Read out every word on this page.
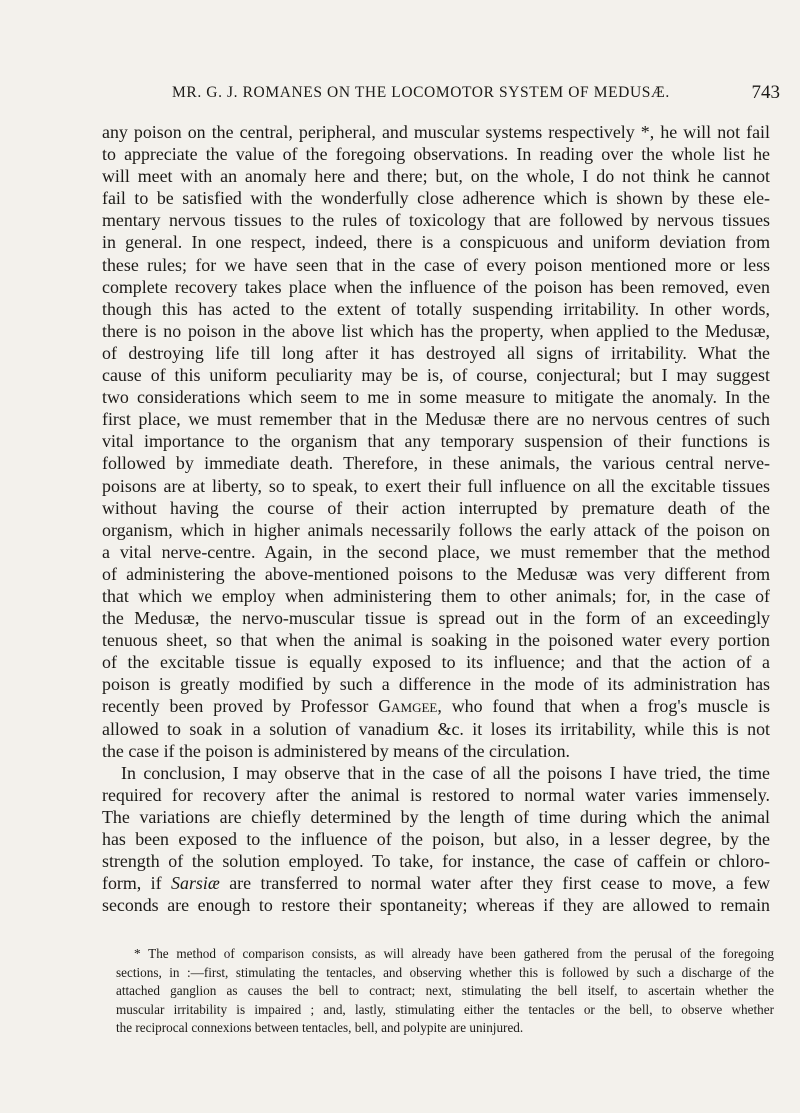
MR. G. J. ROMANES ON THE LOCOMOTOR SYSTEM OF MEDUSÆ.	743
any poison on the central, peripheral, and muscular systems respectively *, he will not fail
to appreciate the value of the foregoing observations. In reading over the whole list he
will meet with an anomaly here and there; but, on the whole, I do not think he cannot
fail to be satisfied with the wonderfully close adherence which is shown by these ele-
mentary nervous tissues to the rules of toxicology that are followed by nervous tissues
in general. In one respect, indeed, there is a conspicuous and uniform deviation from
these rules; for we have seen that in the case of every poison mentioned more or less
complete recovery takes place when the influence of the poison has been removed, even
though this has acted to the extent of totally suspending irritability. In other words,
there is no poison in the above list which has the property, when applied to the Medusæ,
of destroying life till long after it has destroyed all signs of irritability. What the
cause of this uniform peculiarity may be is, of course, conjectural; but I may suggest
two considerations which seem to me in some measure to mitigate the anomaly. In the
first place, we must remember that in the Medusæ there are no nervous centres of such
vital importance to the organism that any temporary suspension of their functions is
followed by immediate death. Therefore, in these animals, the various central nerve-
poisons are at liberty, so to speak, to exert their full influence on all the excitable tissues
without having the course of their action interrupted by premature death of the
organism, which in higher animals necessarily follows the early attack of the poison on
a vital nerve-centre. Again, in the second place, we must remember that the method
of administering the above-mentioned poisons to the Medusæ was very different from
that which we employ when administering them to other animals; for, in the case of
the Medusæ, the nervo-muscular tissue is spread out in the form of an exceedingly
tenuous sheet, so that when the animal is soaking in the poisoned water every portion
of the excitable tissue is equally exposed to its influence; and that the action of a
poison is greatly modified by such a difference in the mode of its administration has
recently been proved by Professor Gamgee, who found that when a frog's muscle is
allowed to soak in a solution of vanadium &c. it loses its irritability, while this is not
the case if the poison is administered by means of the circulation.
In conclusion, I may observe that in the case of all the poisons I have tried, the time
required for recovery after the animal is restored to normal water varies immensely.
The variations are chiefly determined by the length of time during which the animal
has been exposed to the influence of the poison, but also, in a lesser degree, by the
strength of the solution employed. To take, for instance, the case of caffein or chloro-
form, if Sarsiæ are transferred to normal water after they first cease to move, a few
seconds are enough to restore their spontaneity; whereas if they are allowed to remain
* The method of comparison consists, as will already have been gathered from the perusal of the foregoing
sections, in :—first, stimulating the tentacles, and observing whether this is followed by such a discharge of the
attached ganglion as causes the bell to contract; next, stimulating the bell itself, to ascertain whether the
muscular irritability is impaired ; and, lastly, stimulating either the tentacles or the bell, to observe whether
the reciprocal connexions between tentacles, bell, and polypite are uninjured.
